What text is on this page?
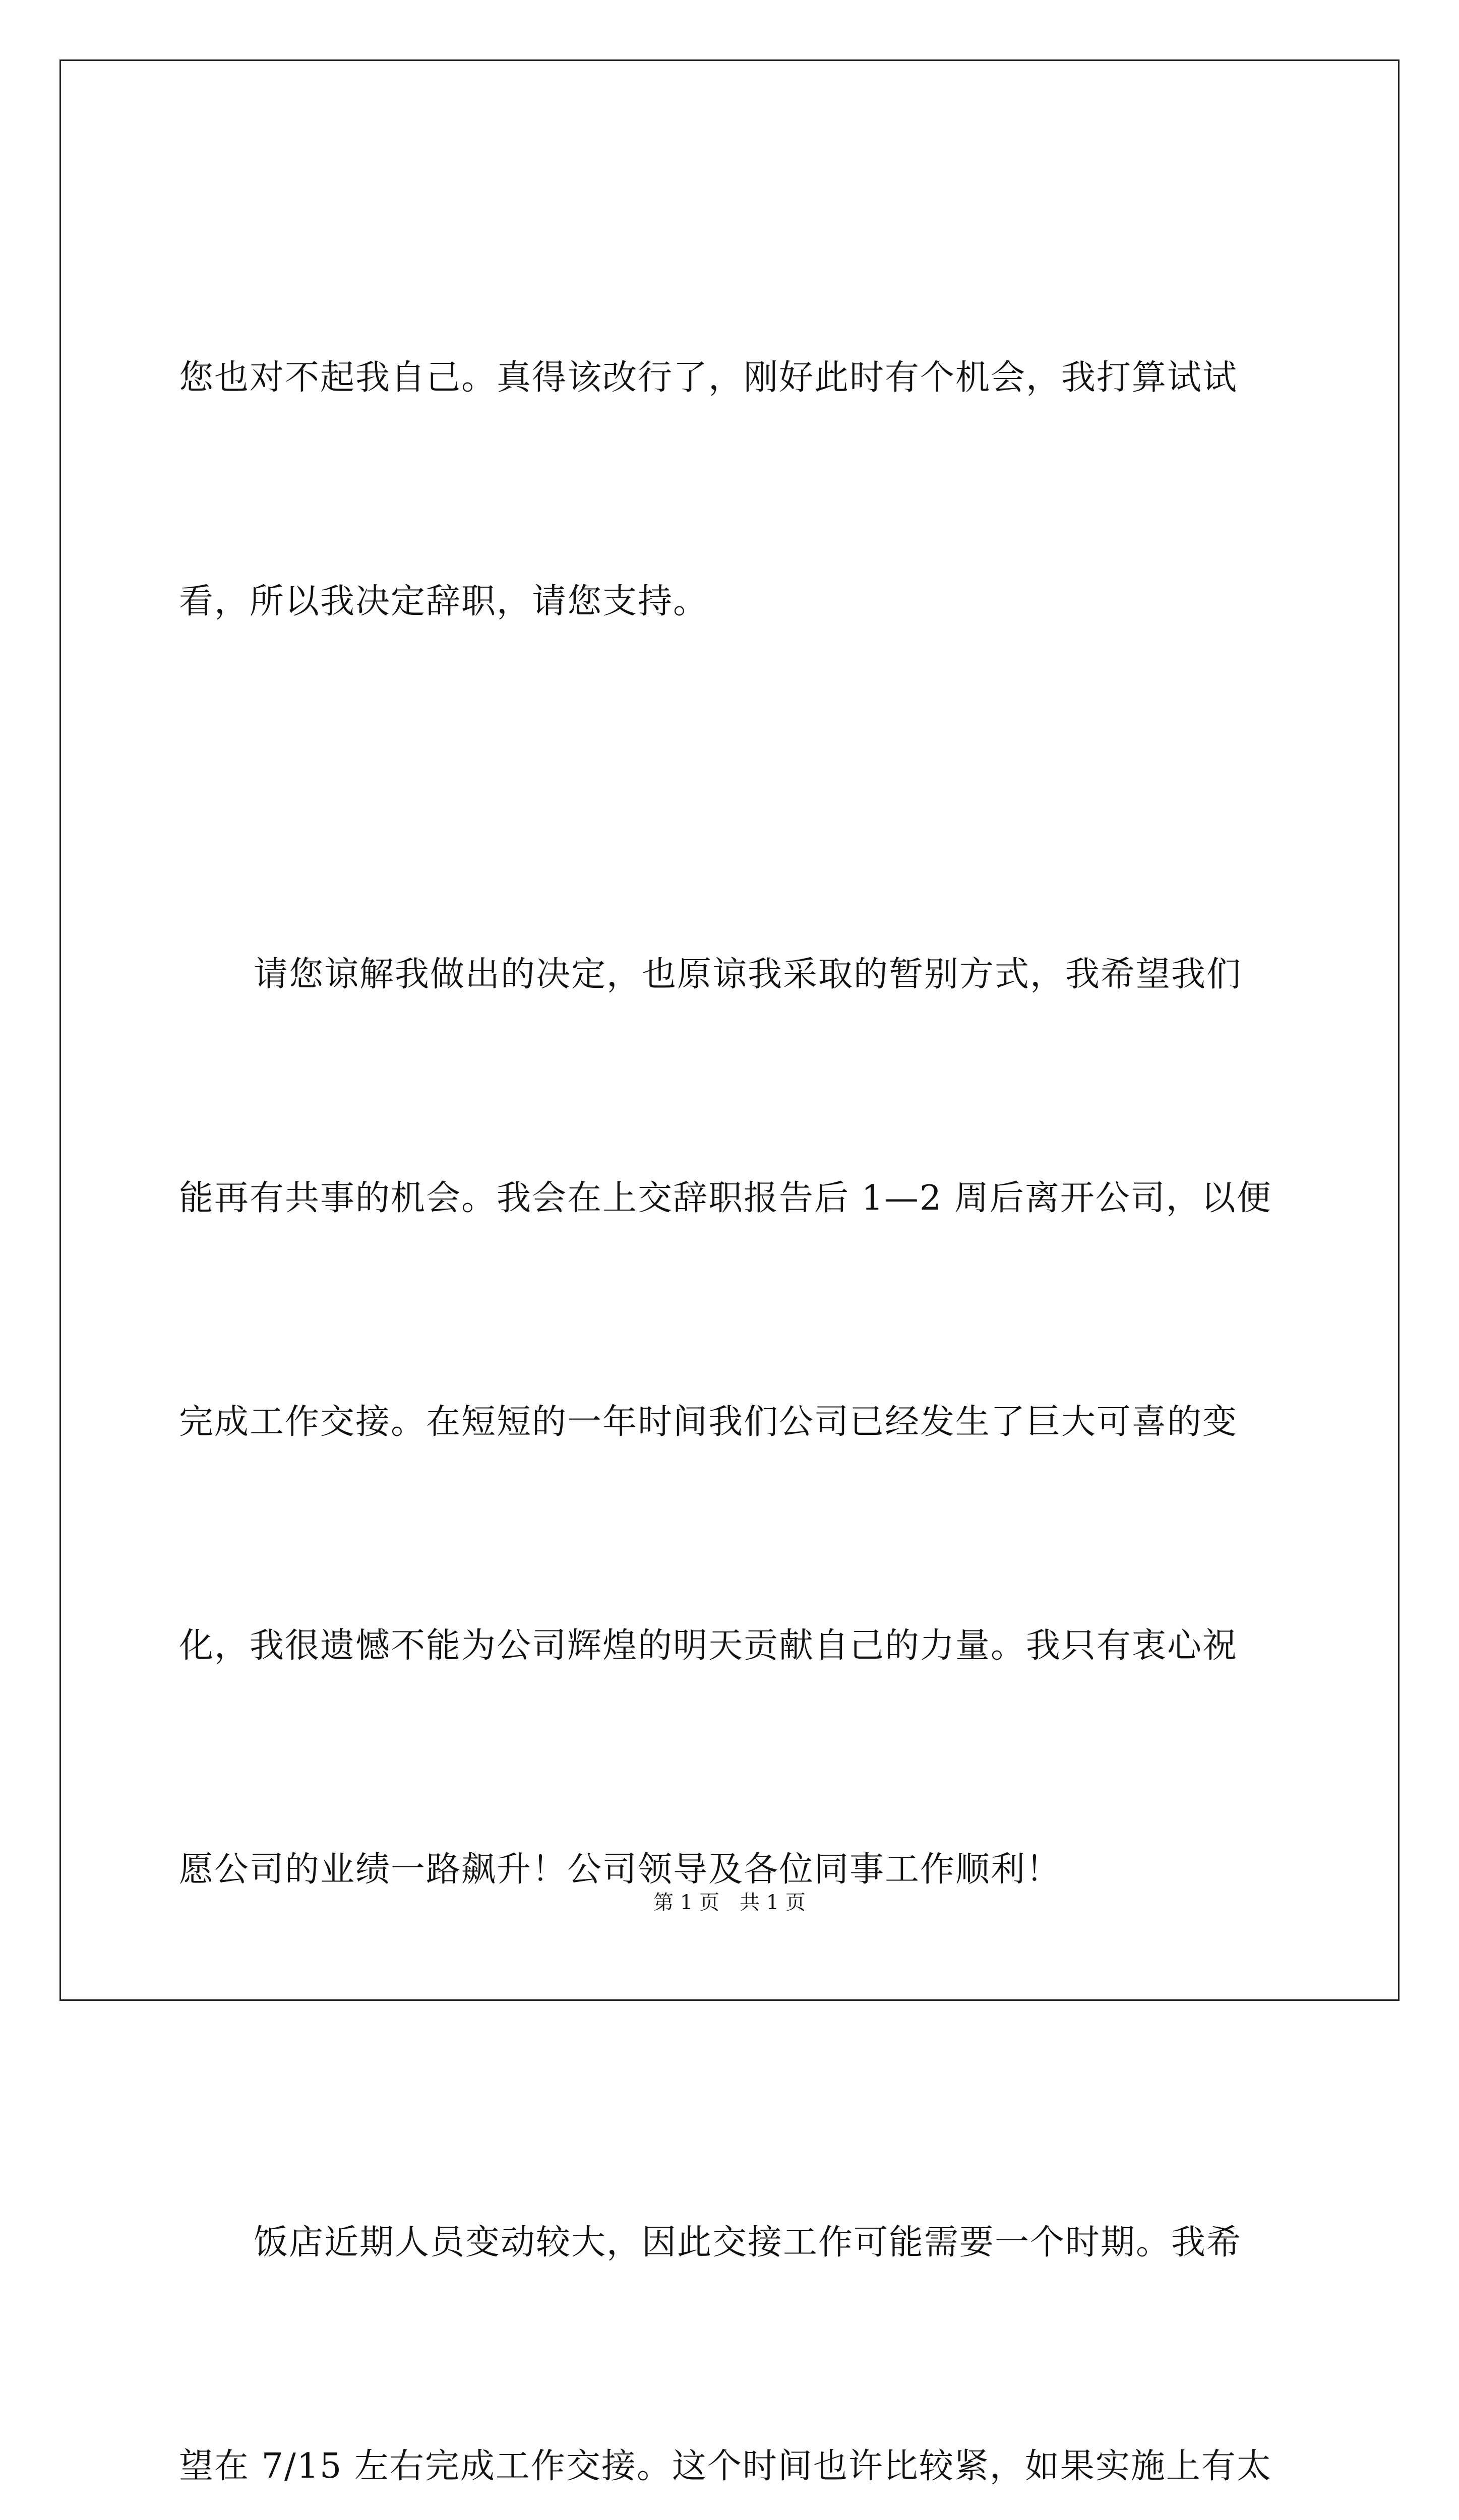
您也对不起我自己。真得该改行了，刚好此时有个机会，我打算试试

看，所以我决定辞职，请您支持。

请您谅解我做出的决定，也原谅我采取的暂别方式，我希望我们

能再有共事的机会。我会在上交辞职报告后 1—2 周后离开公司，以便

完成工作交接。在短短的一年时间我们公司已经发生了巨大可喜的变

化，我很遗憾不能为公司辉煌的明天贡献自己的力量。我只有衷心祝

愿公司的业绩一路飙升！公司领导及各位同事工作顺利！

饭店近期人员变动较大，因此交接工作可能需要一个时期。我希

望在 7/15 左右完成工作交接。这个时间也许比较紧，如果实施上有太

第 1 页　共 1 页
